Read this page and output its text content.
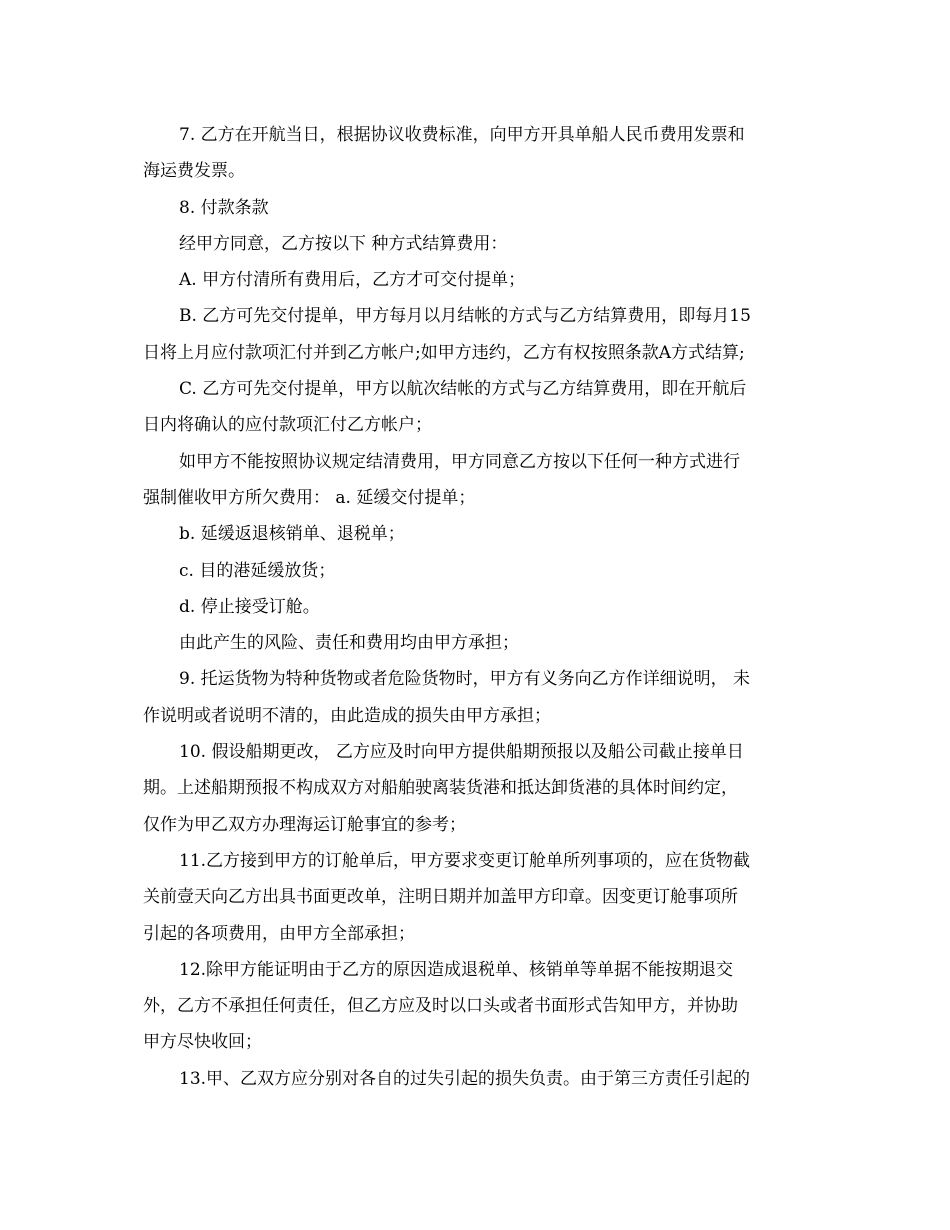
7. 乙方在开航当日，根据协议收费标准，向甲方开具单船人民币费用发票和
海运费发票。
8. 付款条款
经甲方同意，乙方按以下 种方式结算费用：
A. 甲方付清所有费用后，乙方才可交付提单；
B. 乙方可先交付提单，甲方每月以月结帐的方式与乙方结算费用，即每月15
日将上月应付款项汇付并到乙方帐户;如甲方违约，乙方有权按照条款A方式结算;
C. 乙方可先交付提单，甲方以航次结帐的方式与乙方结算费用，即在开航后
日内将确认的应付款项汇付乙方帐户；
如甲方不能按照协议规定结清费用，甲方同意乙方按以下任何一种方式进行
强制催收甲方所欠费用： a. 延缓交付提单；
b. 延缓返退核销单、退税单；
c. 目的港延缓放货；
d. 停止接受订舱。
由此产生的风险、责任和费用均由甲方承担；
9. 托运货物为特种货物或者危险货物时，甲方有义务向乙方作详细说明， 未
作说明或者说明不清的，由此造成的损失由甲方承担；
10. 假设船期更改， 乙方应及时向甲方提供船期预报以及船公司截止接单日
期。上述船期预报不构成双方对船舶驶离装货港和抵达卸货港的具体时间约定，
仅作为甲乙双方办理海运订舱事宜的参考；
11.乙方接到甲方的订舱单后，甲方要求变更订舱单所列事项的，应在货物截
关前壹天向乙方出具书面更改单，注明日期并加盖甲方印章。因变更订舱事项所
引起的各项费用，由甲方全部承担；
12.除甲方能证明由于乙方的原因造成退税单、核销单等单据不能按期退交
外，乙方不承担任何责任，但乙方应及时以口头或者书面形式告知甲方，并协助
甲方尽快收回；
13.甲、乙双方应分别对各自的过失引起的损失负责。由于第三方责任引起的
